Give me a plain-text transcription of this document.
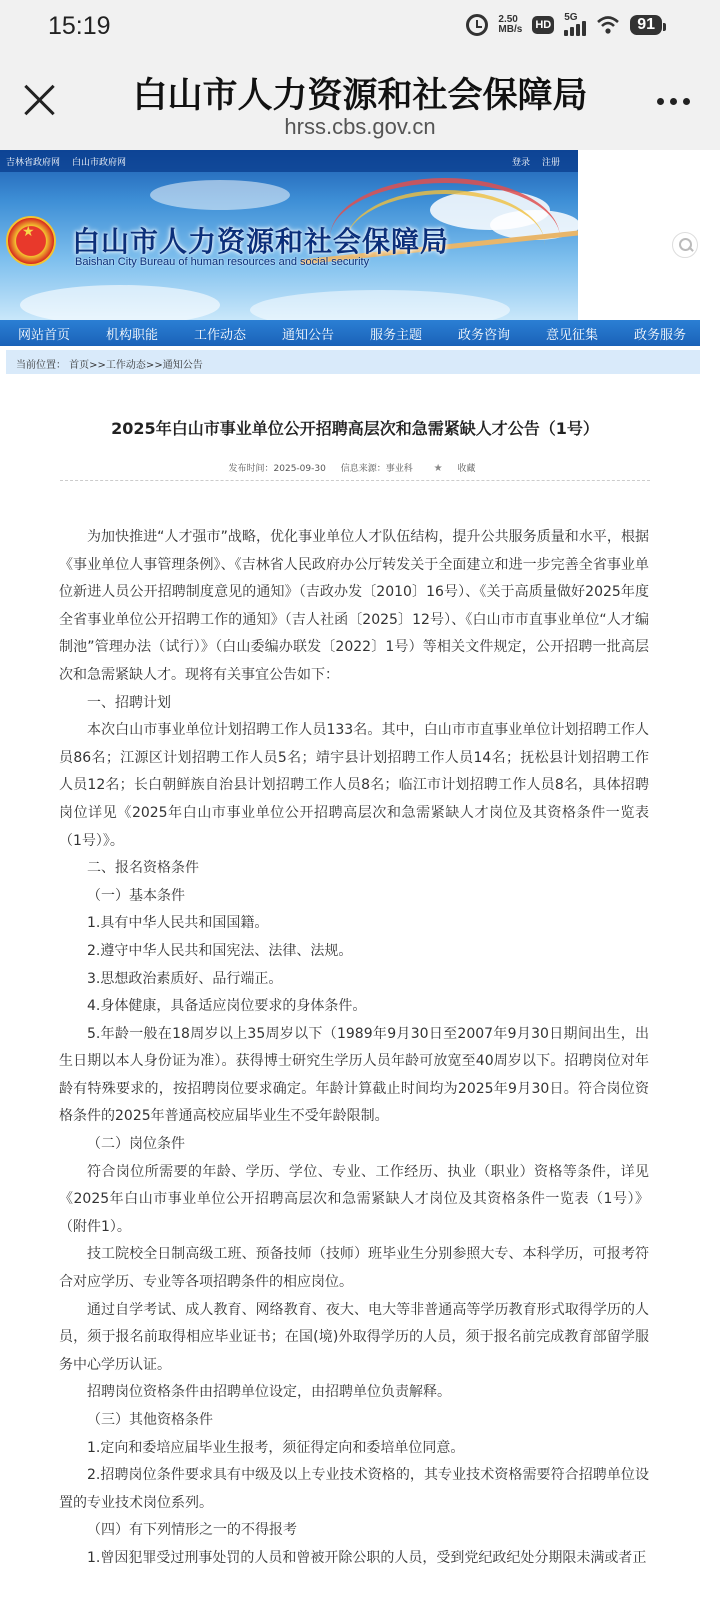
15:19	2.50
MB/s HD
5G	91
白山市人力资源和社会保障局
hrss.cbs.gov.cn
吉林省政府网 白山市政府网	登录 注册
★ 白山市人力资源和社会保障局
Baishan City Bureau of human resources and social security
网站首页	机构职能	工作动态	通知公告	服务主题	政务咨询	意见征集	政务服务
当前位置： 首页>>工作动态>>通知公告
2025年白山市事业单位公开招聘高层次和急需紧缺人才公告（1号）
发布时间：2025-09-30 信息来源：事业科 ★ 收藏

为加快推进“人才强市”战略，优化事业单位人才队伍结构，提升公共服务质量和水平，根据《事业单位人事管理条例》、《吉林省人民政府办公厅转发关于全面建立和进一步完善全省事业单位新进人员公开招聘制度意见的通知》（吉政办发〔2010〕16号）、《关于高质量做好2025年度全省事业单位公开招聘工作的通知》（吉人社函〔2025〕12号）、《白山市市直事业单位“人才编制池”管理办法（试行）》（白山委编办联发〔2022〕1号）等相关文件规定，公开招聘一批高层次和急需紧缺人才。现将有关事宜公告如下：

一、招聘计划

本次白山市事业单位计划招聘工作人员133名。其中，白山市市直事业单位计划招聘工作人员86名；江源区计划招聘工作人员5名；靖宇县计划招聘工作人员14名；抚松县计划招聘工作人员12名；长白朝鲜族自治县计划招聘工作人员8名；临江市计划招聘工作人员8名，具体招聘岗位详见《2025年白山市事业单位公开招聘高层次和急需紧缺人才岗位及其资格条件一览表（1号）》。

二、报名资格条件

（一）基本条件

1.具有中华人民共和国国籍。

2.遵守中华人民共和国宪法、法律、法规。

3.思想政治素质好、品行端正。

4.身体健康，具备适应岗位要求的身体条件。

5.年龄一般在18周岁以上35周岁以下（1989年9月30日至2007年9月30日期间出生，出生日期以本人身份证为准）。获得博士研究生学历人员年龄可放宽至40周岁以下。招聘岗位对年龄有特殊要求的，按招聘岗位要求确定。年龄计算截止时间均为2025年9月30日。符合岗位资格条件的2025年普通高校应届毕业生不受年龄限制。

（二）岗位条件

符合岗位所需要的年龄、学历、学位、专业、工作经历、执业（职业）资格等条件，详见《2025年白山市事业单位公开招聘高层次和急需紧缺人才岗位及其资格条件一览表（1号）》（附件1）。

技工院校全日制高级工班、预备技师（技师）班毕业生分别参照大专、本科学历，可报考符合对应学历、专业等各项招聘条件的相应岗位。

通过自学考试、成人教育、网络教育、夜大、电大等非普通高等学历教育形式取得学历的人员，须于报名前取得相应毕业证书；在国(境)外取得学历的人员，须于报名前完成教育部留学服务中心学历认证。

招聘岗位资格条件由招聘单位设定，由招聘单位负责解释。

（三）其他资格条件

1.定向和委培应届毕业生报考，须征得定向和委培单位同意。

2.招聘岗位条件要求具有中级及以上专业技术资格的，其专业技术资格需要符合招聘单位设置的专业技术岗位系列。

（四）有下列情形之一的不得报考

1.曾因犯罪受过刑事处罚的人员和曾被开除公职的人员，受到党纪政纪处分期限未满或者正
